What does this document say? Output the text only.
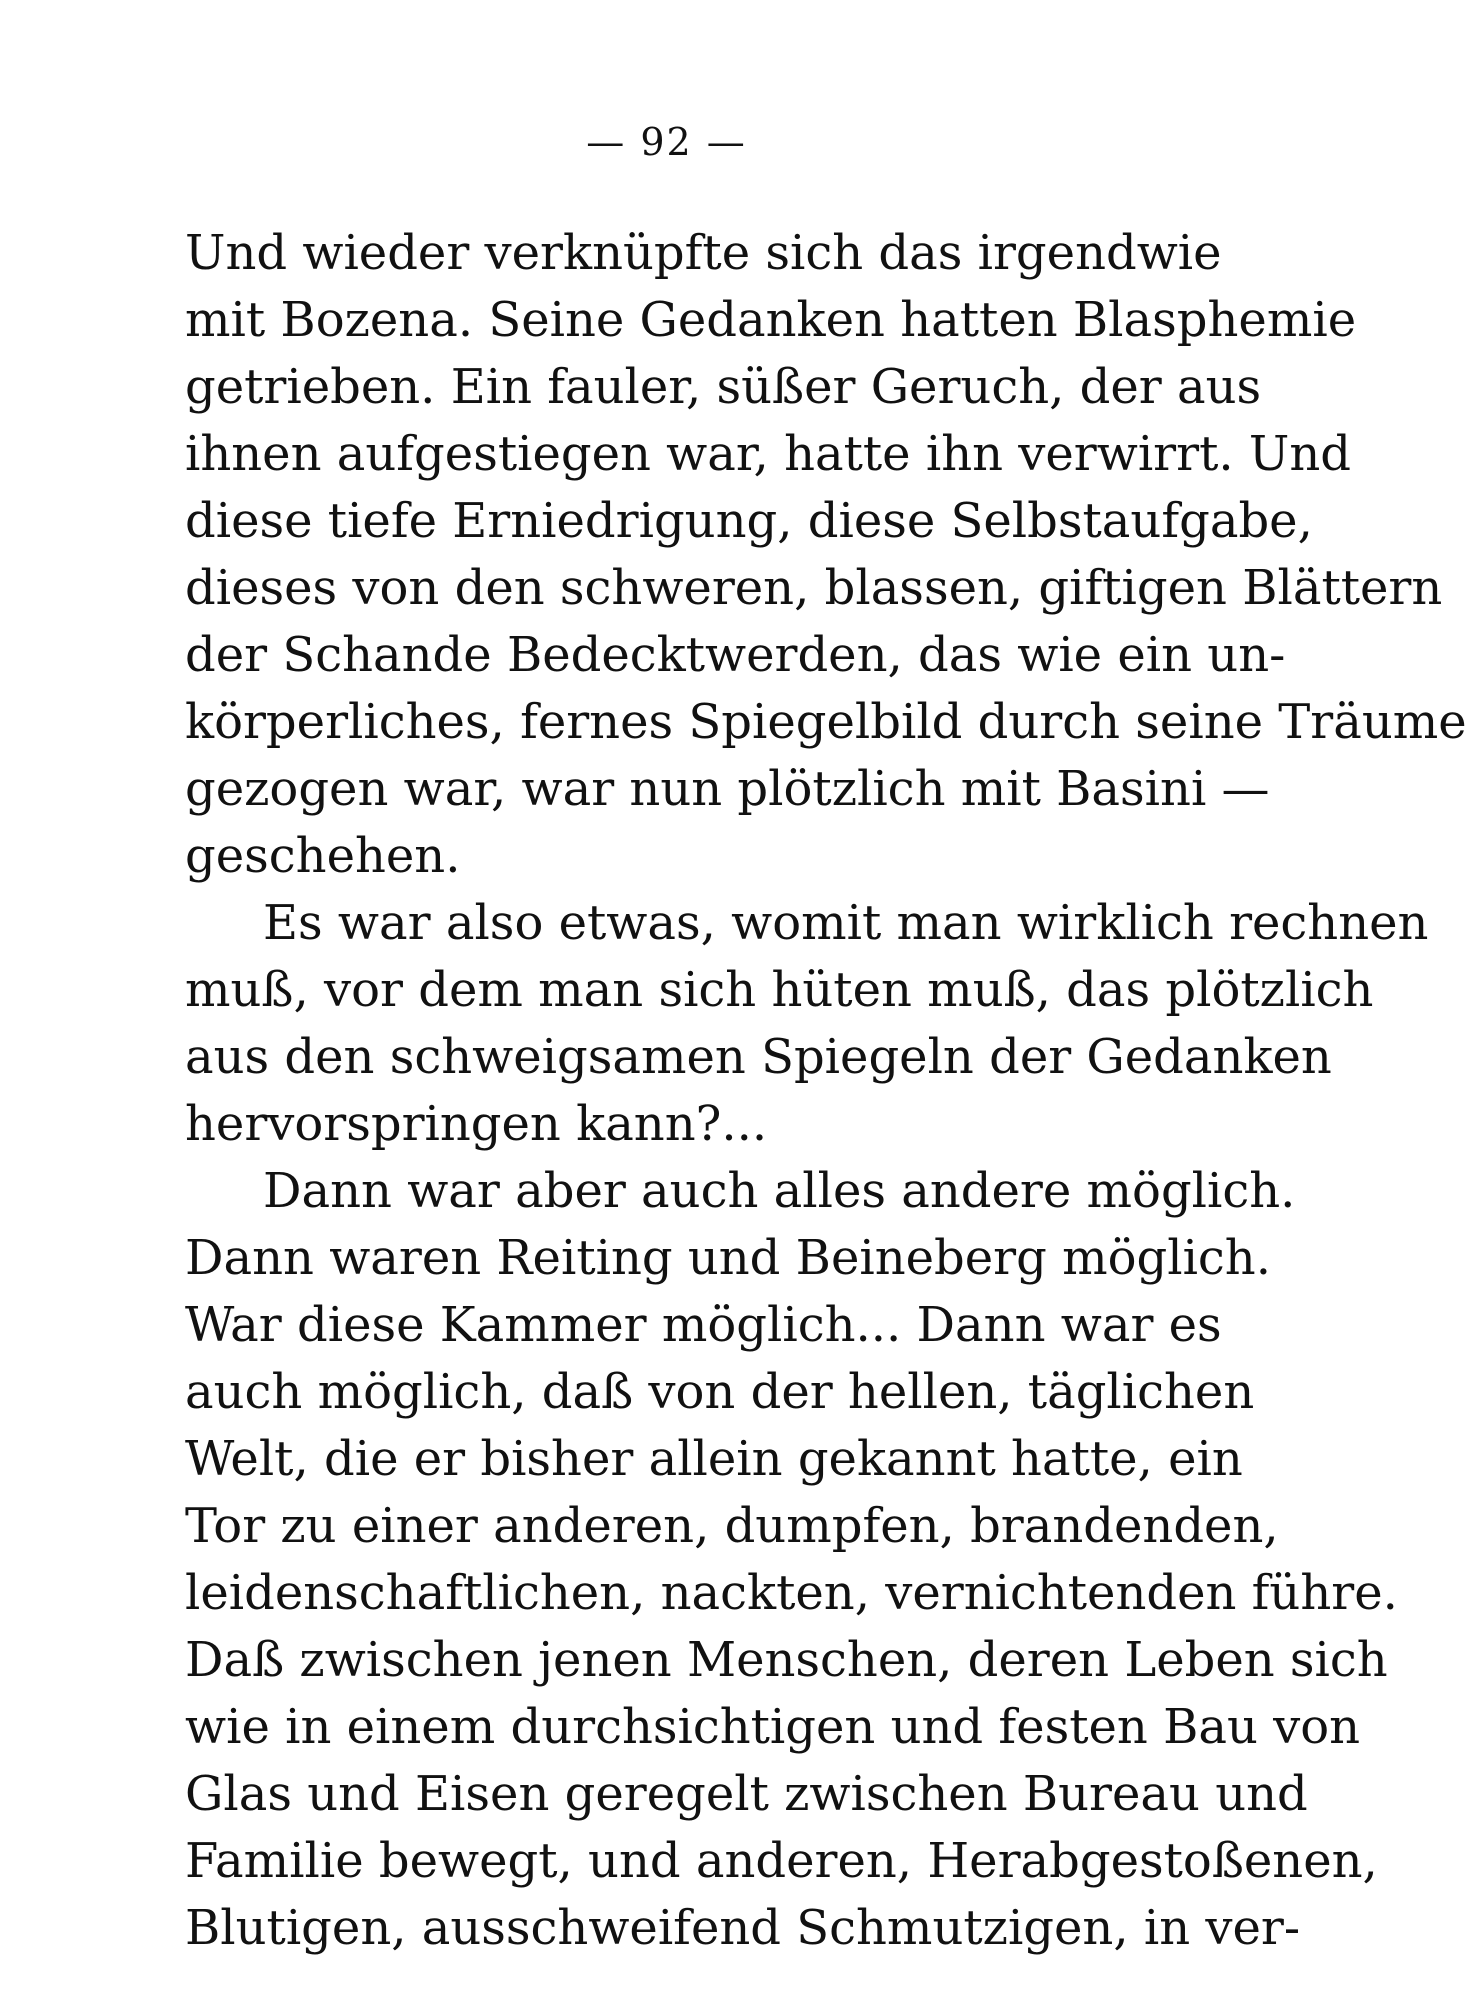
— 92 —
Und wieder verknüpfte sich das irgendwie
mit Bozena. Seine Gedanken hatten Blasphemie
getrieben. Ein fauler, süßer Geruch, der aus
ihnen aufgestiegen war, hatte ihn verwirrt. Und
diese tiefe Erniedrigung, diese Selbstaufgabe,
dieses von den schweren, blassen, giftigen Blättern
der Schande Bedecktwerden, das wie ein un-
körperliches, fernes Spiegelbild durch seine Träume
gezogen war, war nun plötzlich mit Basini —
geschehen.
Es war also etwas, womit man wirklich rechnen
muß, vor dem man sich hüten muß, das plötzlich
aus den schweigsamen Spiegeln der Gedanken
hervorspringen kann?...
Dann war aber auch alles andere möglich.
Dann waren Reiting und Beineberg möglich.
War diese Kammer möglich... Dann war es
auch möglich, daß von der hellen, täglichen
Welt, die er bisher allein gekannt hatte, ein
Tor zu einer anderen, dumpfen, brandenden,
leidenschaftlichen, nackten, vernichtenden führe.
Daß zwischen jenen Menschen, deren Leben sich
wie in einem durchsichtigen und festen Bau von
Glas und Eisen geregelt zwischen Bureau und
Familie bewegt, und anderen, Herabgestoßenen,
Blutigen, ausschweifend Schmutzigen, in ver-
